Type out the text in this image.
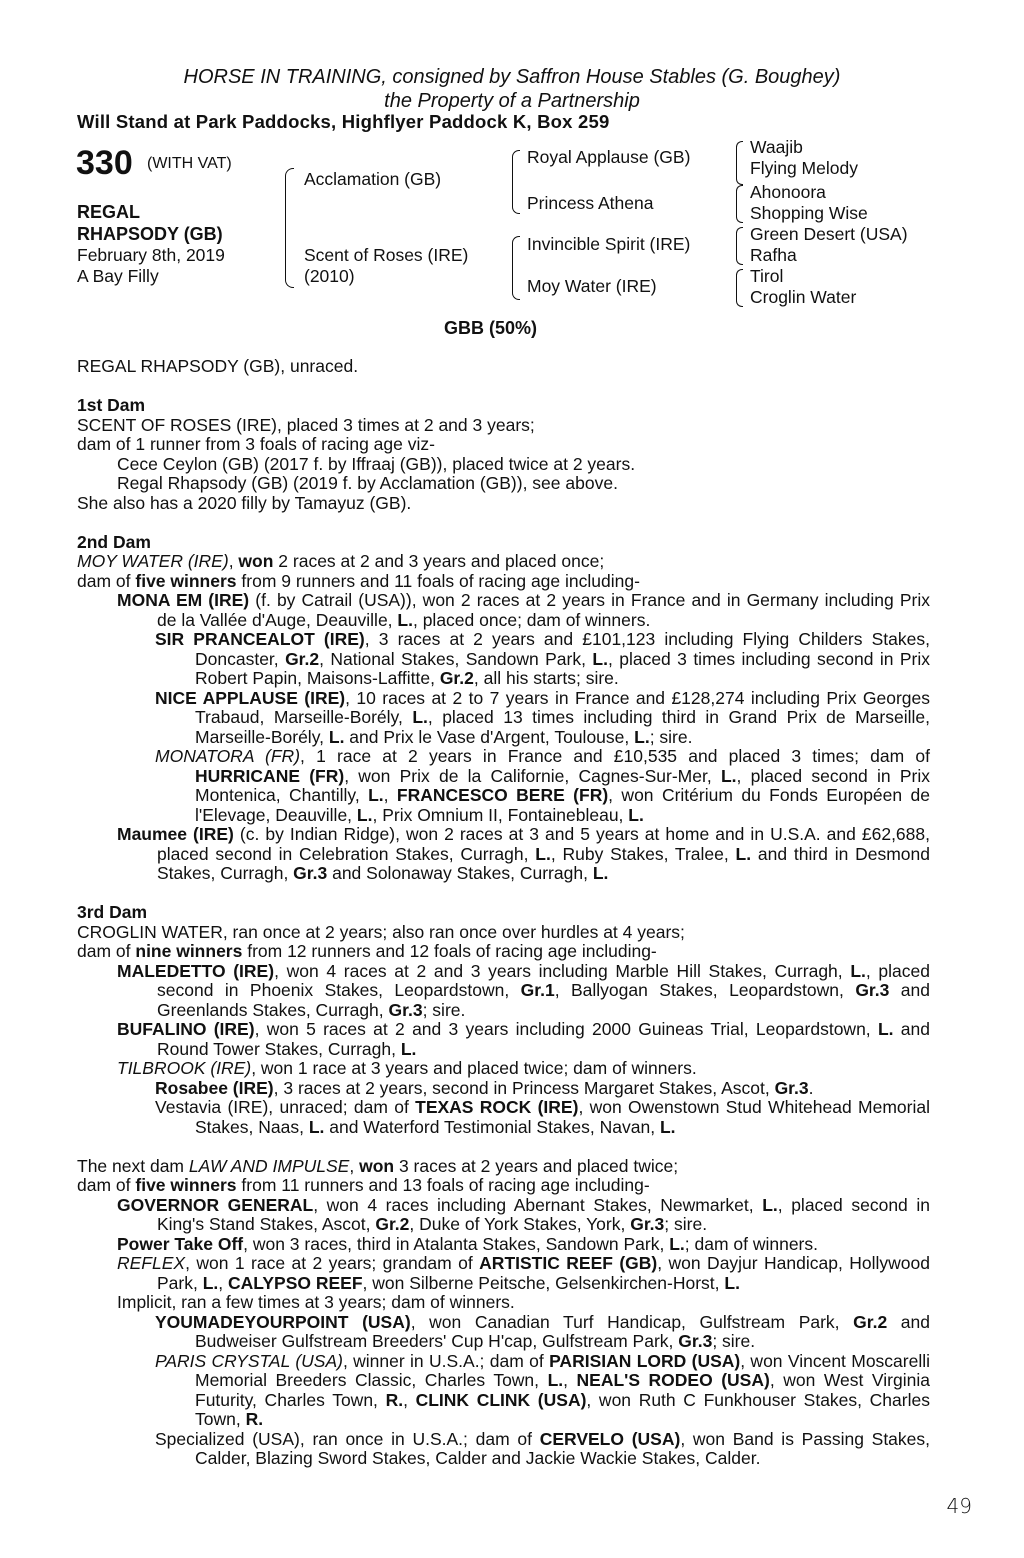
HORSE IN TRAINING, consigned by Saffron House Stables (G. Boughey)
the Property of a Partnership
Will Stand at Park Paddocks, Highflyer Paddock K, Box 259
330 (WITH VAT)
REGAL
RHAPSODY (GB)
February 8th, 2019
A Bay Filly
Acclamation (GB)
Scent of Roses (IRE)
(2010)
Royal Applause (GB)
Princess Athena
Invincible Spirit (IRE)
Moy Water (IRE)
Waajib
Flying Melody
Ahonoora
Shopping Wise
Green Desert (USA)
Rafha
Tirol
Croglin Water
GBB (50%)

REGAL RHAPSODY (GB), unraced.

1st Dam

SCENT OF ROSES (IRE), placed 3 times at 2 and 3 years;

dam of 1 runner from 3 foals of racing age viz-

Cece Ceylon (GB) (2017 f. by Iffraaj (GB)), placed twice at 2 years.

Regal Rhapsody (GB) (2019 f. by Acclamation (GB)), see above.

She also has a 2020 filly by Tamayuz (GB).

2nd Dam

MOY WATER (IRE), won 2 races at 2 and 3 years and placed once;

dam of five winners from 9 runners and 11 foals of racing age including-

MONA EM (IRE) (f. by Catrail (USA)), won 2 races at 2 years in France and in Germany including Prix de la Vallée d'Auge, Deauville, L., placed once; dam of winners.

SIR PRANCEALOT (IRE), 3 races at 2 years and £101,123 including Flying Childers Stakes, Doncaster, Gr.2, National Stakes, Sandown Park, L., placed 3 times including second in Prix Robert Papin, Maisons-Laffitte, Gr.2, all his starts; sire.

NICE APPLAUSE (IRE), 10 races at 2 to 7 years in France and £128,274 including Prix Georges Trabaud, Marseille-Borély, L., placed 13 times including third in Grand Prix de Marseille, Marseille-Borély, L. and Prix le Vase d'Argent, Toulouse, L.; sire.

MONATORA (FR), 1 race at 2 years in France and £10,535 and placed 3 times; dam of HURRICANE (FR), won Prix de la Californie, Cagnes-Sur-Mer, L., placed second in Prix Montenica, Chantilly, L., FRANCESCO BERE (FR), won Critérium du Fonds Européen de l'Elevage, Deauville, L., Prix Omnium II, Fontainebleau, L.

Maumee (IRE) (c. by Indian Ridge), won 2 races at 3 and 5 years at home and in U.S.A. and £62,688, placed second in Celebration Stakes, Curragh, L., Ruby Stakes, Tralee, L. and third in Desmond Stakes, Curragh, Gr.3 and Solonaway Stakes, Curragh, L.

3rd Dam

CROGLIN WATER, ran once at 2 years; also ran once over hurdles at 4 years;

dam of nine winners from 12 runners and 12 foals of racing age including-

MALEDETTO (IRE), won 4 races at 2 and 3 years including Marble Hill Stakes, Curragh, L., placed second in Phoenix Stakes, Leopardstown, Gr.1, Ballyogan Stakes, Leopardstown, Gr.3 and Greenlands Stakes, Curragh, Gr.3; sire.

BUFALINO (IRE), won 5 races at 2 and 3 years including 2000 Guineas Trial, Leopardstown, L. and Round Tower Stakes, Curragh, L.

TILBROOK (IRE), won 1 race at 3 years and placed twice; dam of winners.

Rosabee (IRE), 3 races at 2 years, second in Princess Margaret Stakes, Ascot, Gr.3.

Vestavia (IRE), unraced; dam of TEXAS ROCK (IRE), won Owenstown Stud Whitehead Memorial Stakes, Naas, L. and Waterford Testimonial Stakes, Navan, L.

The next dam LAW AND IMPULSE, won 3 races at 2 years and placed twice;

dam of five winners from 11 runners and 13 foals of racing age including-

GOVERNOR GENERAL, won 4 races including Abernant Stakes, Newmarket, L., placed second in King's Stand Stakes, Ascot, Gr.2, Duke of York Stakes, York, Gr.3; sire.

Power Take Off, won 3 races, third in Atalanta Stakes, Sandown Park, L.; dam of winners.

REFLEX, won 1 race at 2 years; grandam of ARTISTIC REEF (GB), won Dayjur Handicap, Hollywood Park, L., CALYPSO REEF, won Silberne Peitsche, Gelsenkirchen-Horst, L.

Implicit, ran a few times at 3 years; dam of winners.

YOUMADEYOURPOINT (USA), won Canadian Turf Handicap, Gulfstream Park, Gr.2 and Budweiser Gulfstream Breeders' Cup H'cap, Gulfstream Park, Gr.3; sire.

PARIS CRYSTAL (USA), winner in U.S.A.; dam of PARISIAN LORD (USA), won Vincent Moscarelli Memorial Breeders Classic, Charles Town, L., NEAL'S RODEO (USA), won West Virginia Futurity, Charles Town, R., CLINK CLINK (USA), won Ruth C Funkhouser Stakes, Charles Town, R.

Specialized (USA), ran once in U.S.A.; dam of CERVELO (USA), won Band is Passing Stakes, Calder, Blazing Sword Stakes, Calder and Jackie Wackie Stakes, Calder.

49
